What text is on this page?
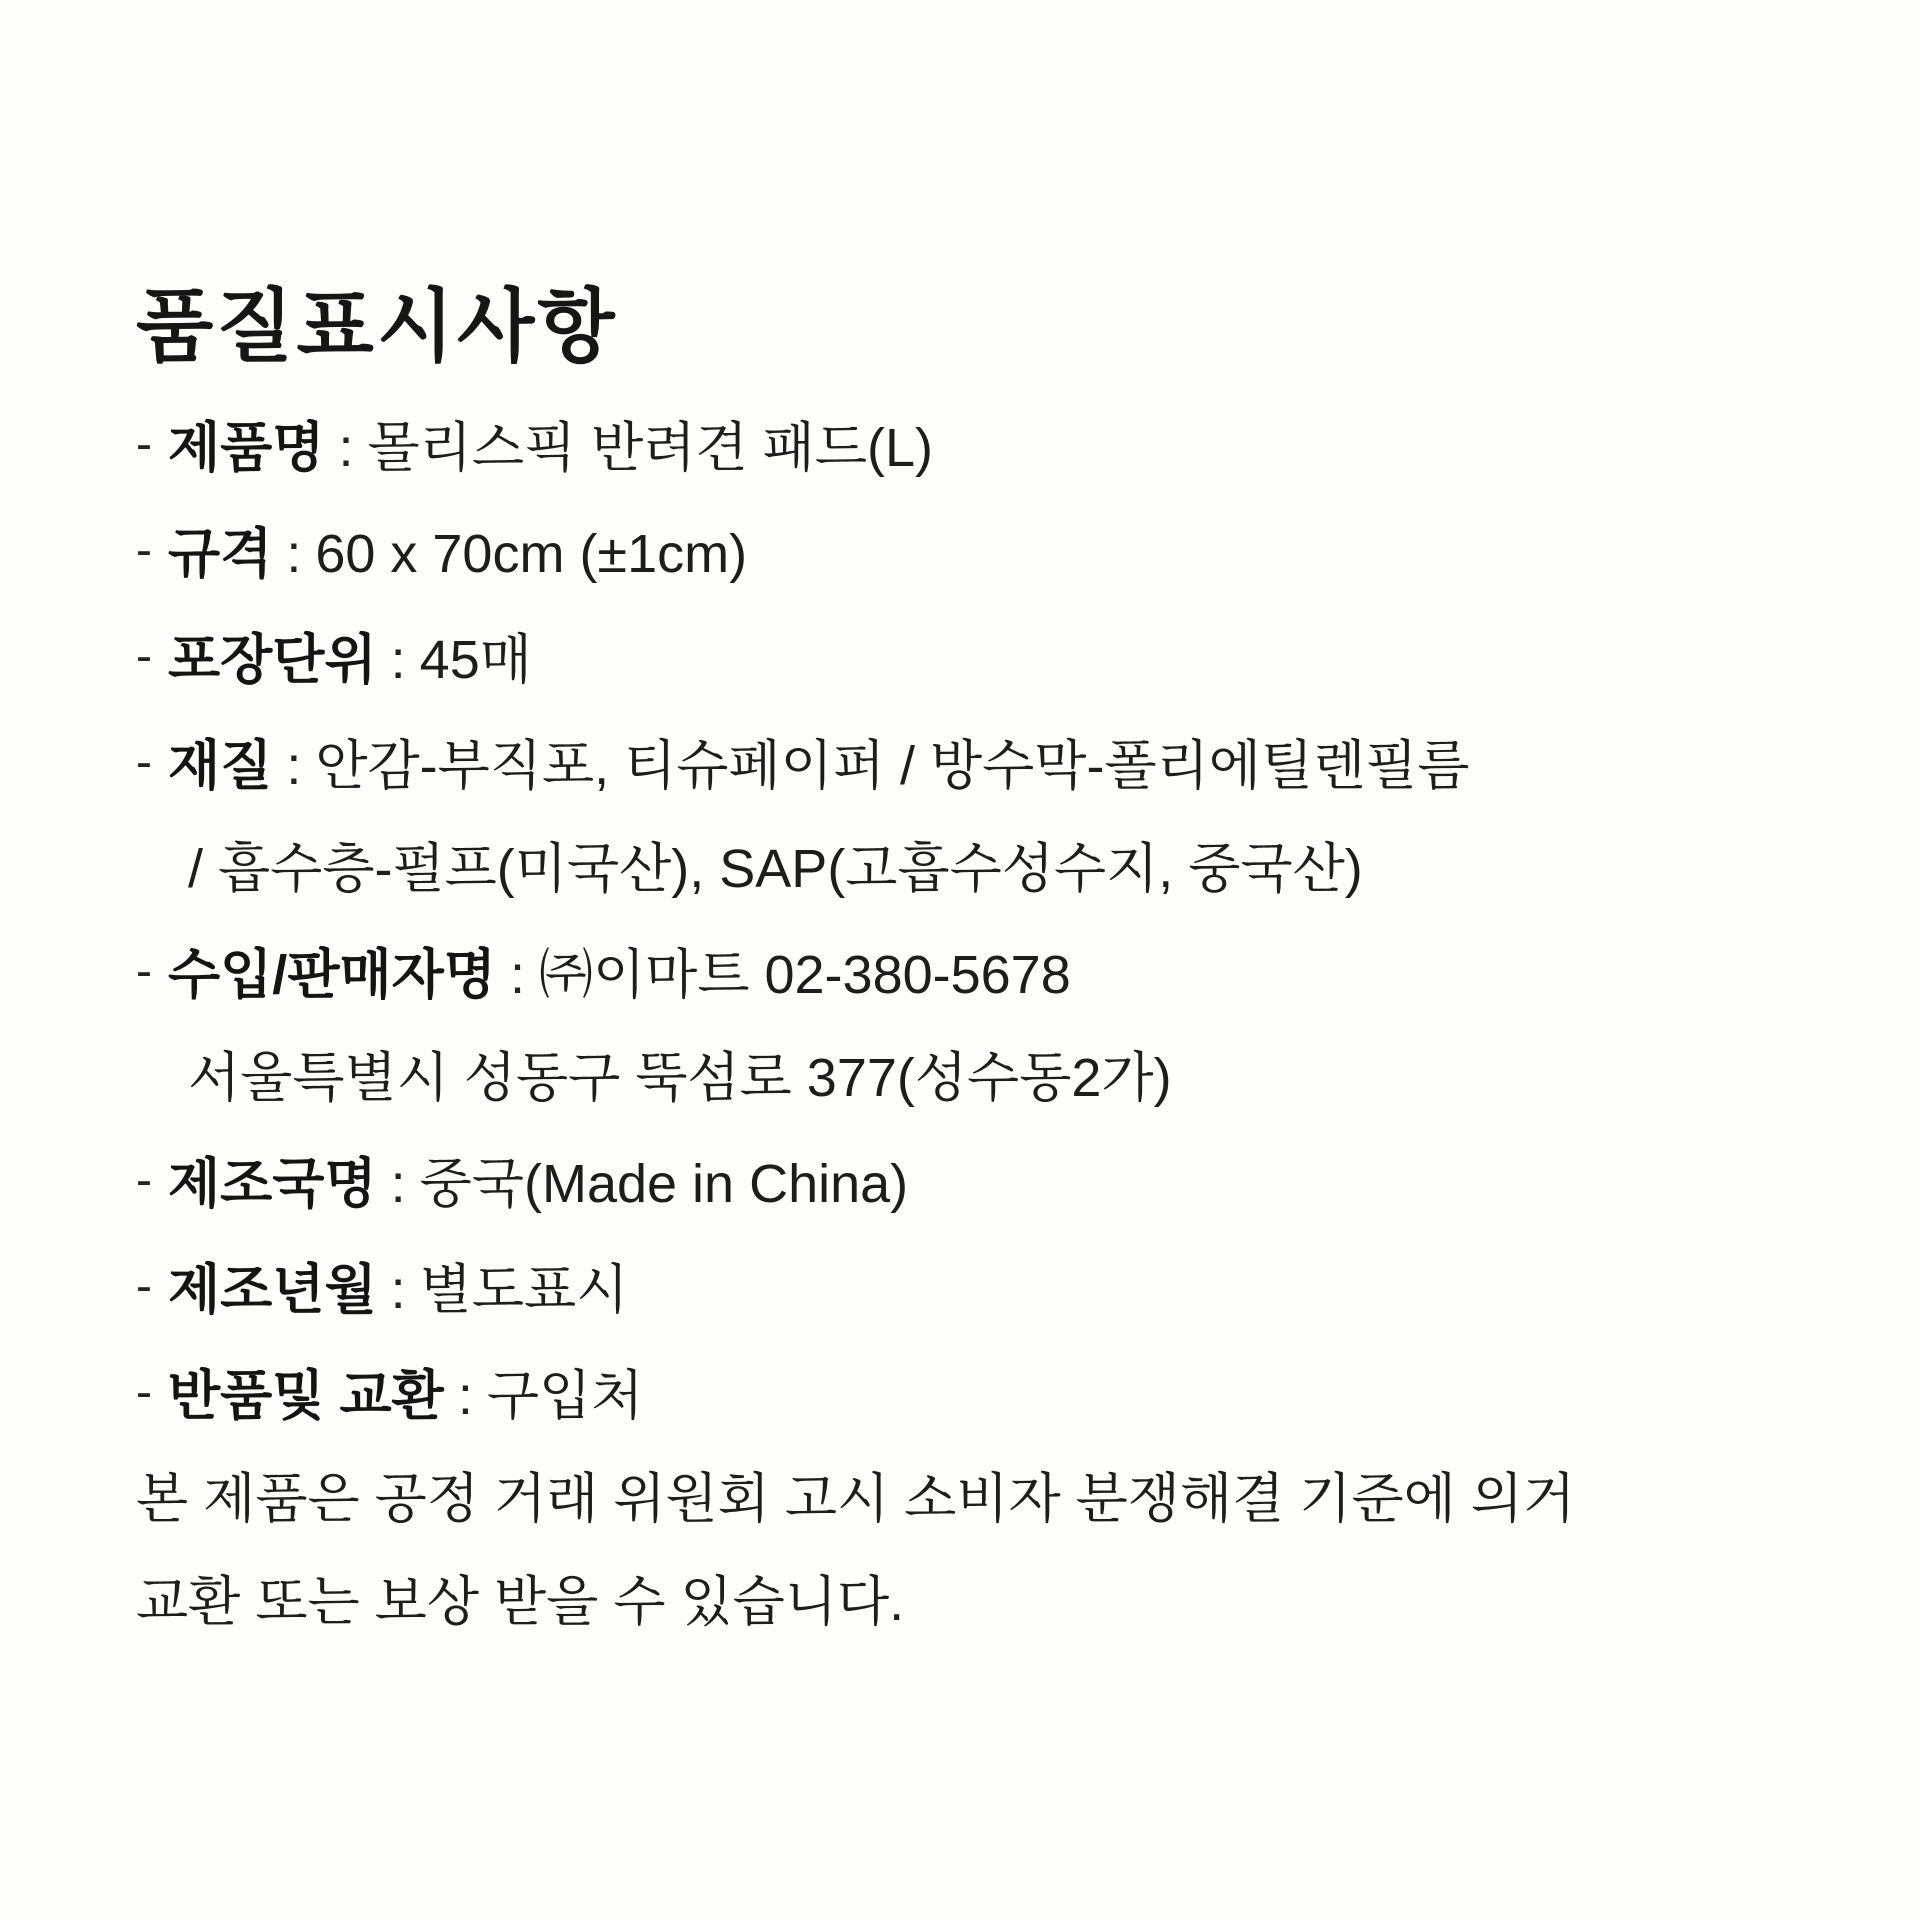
품질표시사항
- 제품명 : 몰리스픽 반려견 패드(L)
- 규격 : 60 x 70cm (±1cm)
- 포장단위 : 45매
- 재질 : 안감-부직포, 티슈페이퍼 / 방수막-폴리에틸렌필름
/ 흡수층-펄프(미국산), SAP(고흡수성수지, 중국산)
- 수입/판매자명 : ㈜이마트 02-380-5678
서울특별시 성동구 뚝섬로 377(성수동2가)
- 제조국명 : 중국(Made in China)
- 제조년월 : 별도표시
- 반품및 교환 : 구입처

본 제품은 공정 거래 위원회 고시 소비자 분쟁해결 기준에 의거

교환 또는 보상 받을 수 있습니다.
